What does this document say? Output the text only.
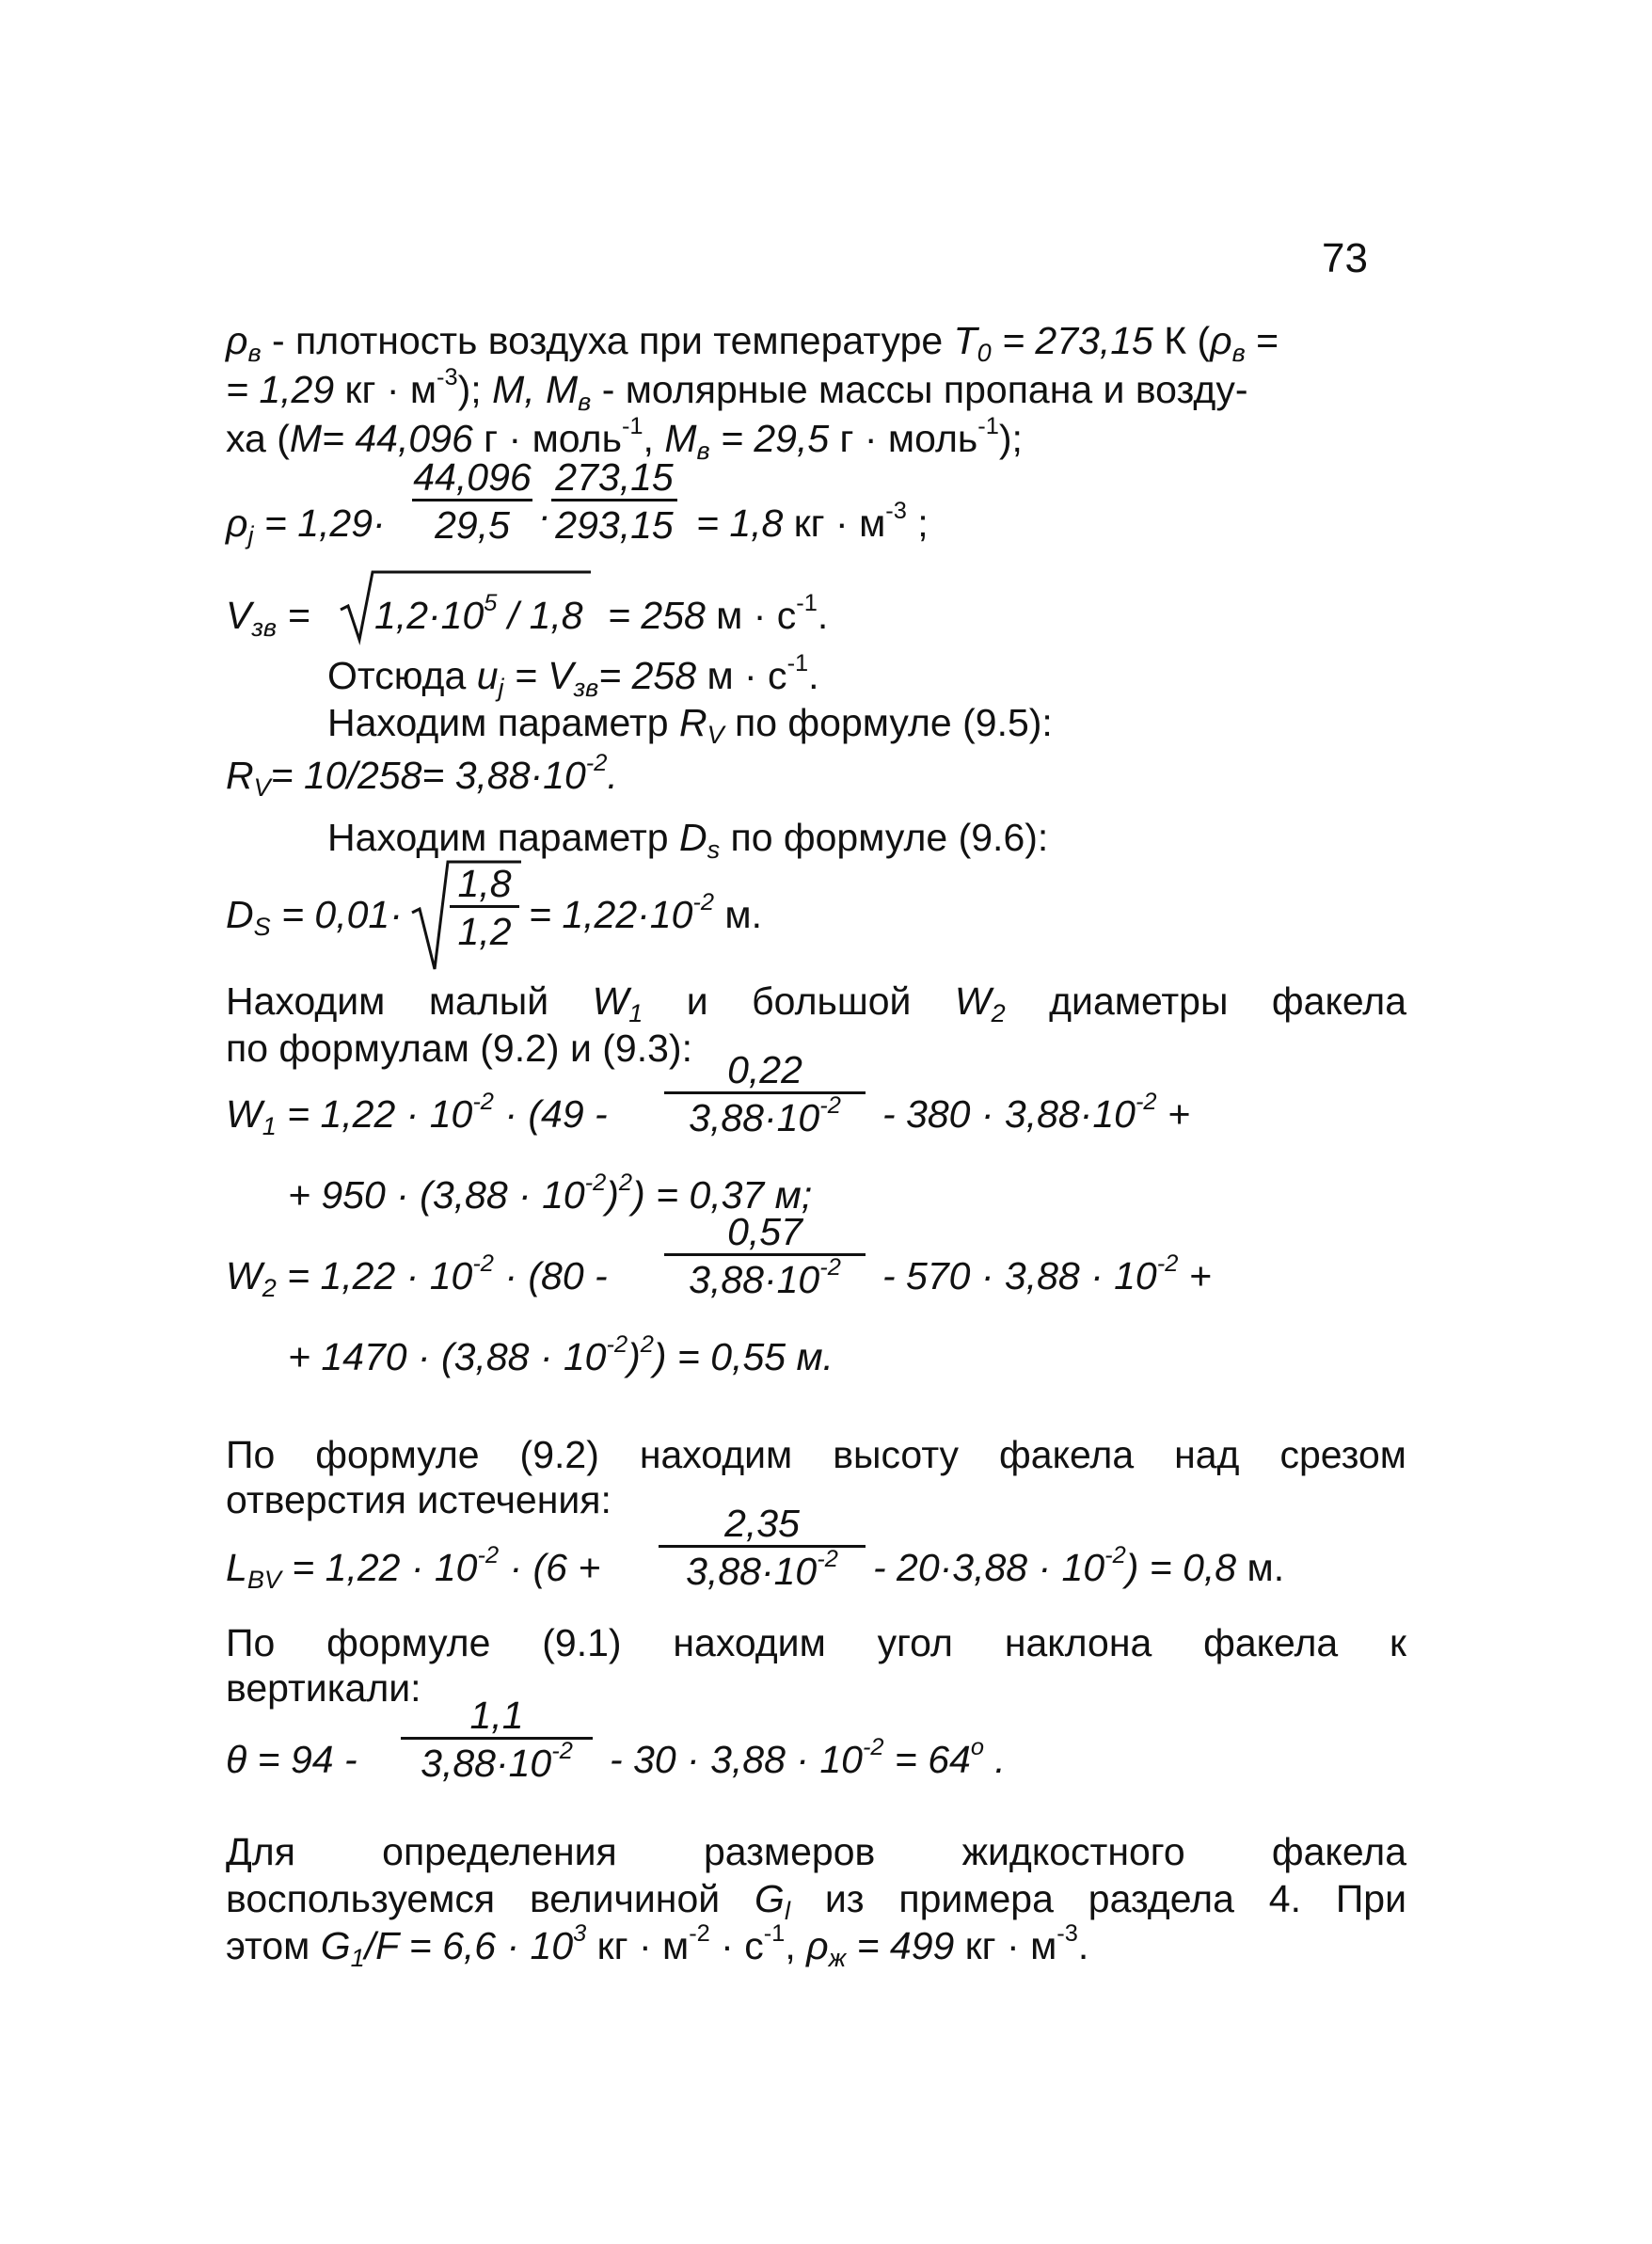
73
$\rho_в$ - плотность воздуха при температуре $T_0 = 273,15$ К ($\rho_в$ =
= 1,29 кг · $м^{-3}$); M, $M_в$ - молярные массы пропана и возду-
ха (M= 44,096 г · моль$^{-1}$, $M_в = 29,5$ г · моль$^{-1}$);
$\rho_j = 1,29\cdot$
44,096
29,5 ·
273,15
293,15 = 1,8 кг · $м^{-3}$ ;
$V_{зв} = 1,2\cdot 10^5 / 1,8 = 258$ $м \cdot с^{-1}$.
Отсюда $u_j = V_{зв}= 258$ $м \cdot с^{-1}$.
Находим параметр $R_V$ по формуле (9.5):
$R_V= 10/258= 3,88\cdot 10^{-2}$.
Находим параметр $D_s$ по формуле (9.6):
$D_S = 0,01\cdot$
1,8
$1,2 = 1,22\cdot 10^{-2}$ м.
Находим малый $W_1$ и большой $W_2$ диаметры факела
по формулам (9.2) и (9.3):
$W_1 = 1,22 \cdot 10^{-2} \cdot (49$ -
0,22
$3,88\cdot 10^{-2}$	- $380 \cdot 3,88\cdot 10^{-2}$ +
+ $950 \cdot (3,88 \cdot 10^{-2})^2) = 0,37$ м;
$W_2 = 1,22 \cdot 10^{-2} \cdot (80$ -
0,57
$3,88\cdot 10^{-2}$	- $570 \cdot 3,88 \cdot 10^{-2}$ +
+ $1470 \cdot (3,88 \cdot 10^{-2})^2) = 0,55$ м.
По формуле (9.2) находим высоту факела над срезом
отверстия истечения:
$L_{BV} = 1,22 \cdot 10^{-2} \cdot (6$ +
2,35
$3,88\cdot 10^{-2} - 20\cdot 3,88 \cdot 10^{-2}) = 0,8$ м.
По формуле (9.1) находим угол наклона факела к
вертикали:
θ = 94 -
1,1
$3,88\cdot 10^{-2} - 30 \cdot 3,88 \cdot 10^{-2} = 64^o$ .
Для определения размеров жидкостного факела
воспользуемся величиной $G_l$ из примера раздела 4. При
этом $G_1/F = 6,6 \cdot 10^3$ кг · $м^{-2} \cdot с^{-1}$, $\rho_ж = 499$ кг · $м^{-3}$.
